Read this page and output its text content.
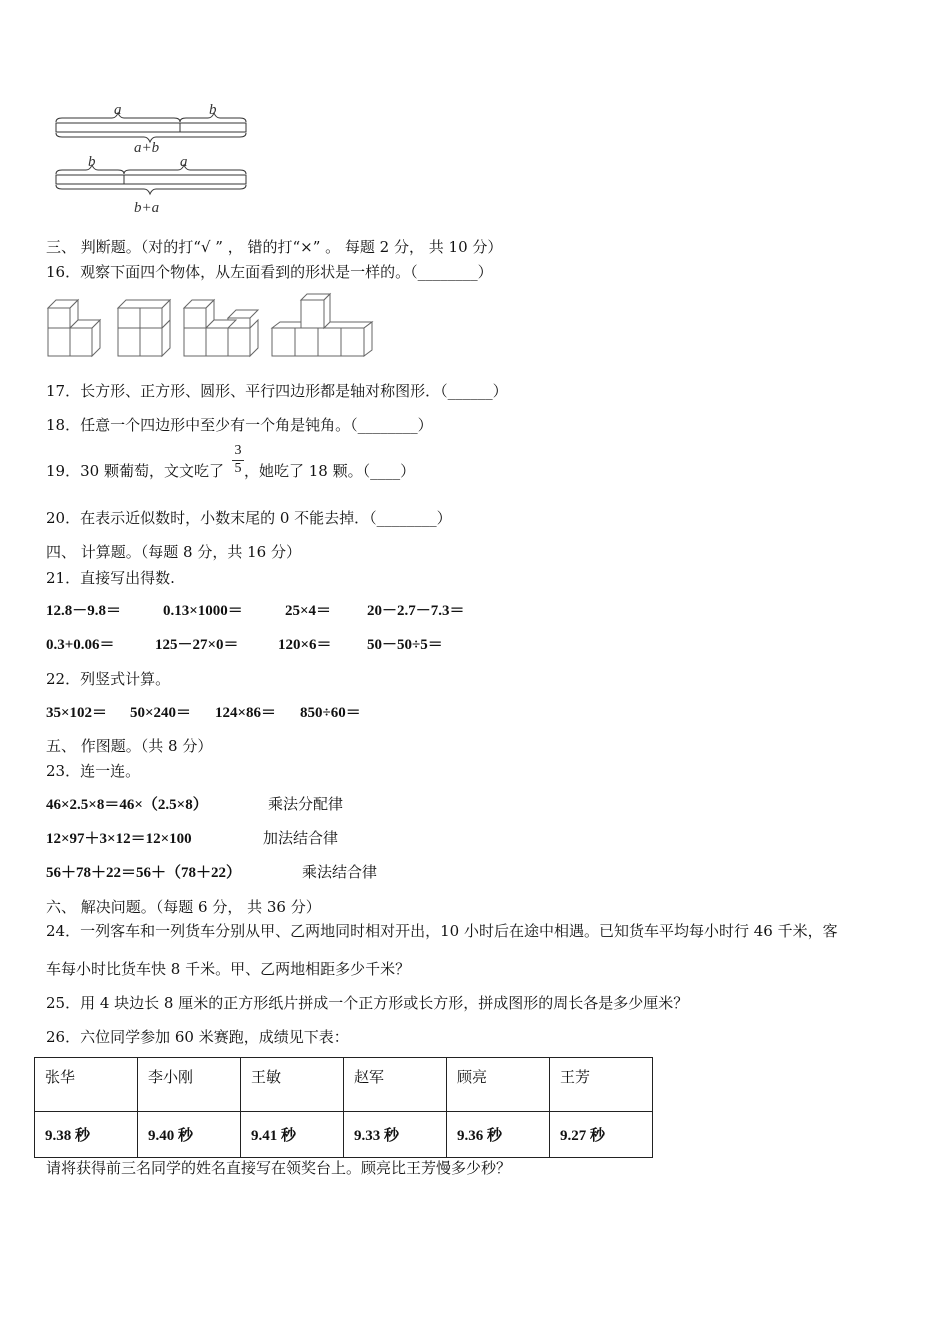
a	b
a+b
b	a
b+a
三、 判断题。（对的打“√ ” ， 错的打“×” 。 每题 2 分， 共 10 分）
16．观察下面四个物体，从左面看到的形状是一样的。（________）
17．长方形、正方形、圆形、平行四边形都是轴对称图形．（______）
18．任意一个四边形中至少有一个角是钝角。（________）
19．30 颗葡萄，文文吃了 ，她吃了 18 颗。（____）
3
5
20．在表示近似数时，小数末尾的 0 不能去掉．（________）
四、 计算题。（每题 8 分，共 16 分）
21．直接写出得数.
12.8－9.8＝	0.13×1000＝	25×4＝ 20－2.7－7.3＝
0.3+0.06＝	125－27×0＝	120×6＝ 50－50÷5＝
22．列竖式计算。
35×102＝ 50×240＝ 124×86＝ 850÷60＝
五、 作图题。（共 8 分）
23．连一连。
46×2.5×8＝46×（2.5×8）	乘法分配律
12×97＋3×12＝12×100	加法结合律
56＋78＋22＝56＋（78＋22）	乘法结合律
六、 解决问题。（每题 6 分， 共 36 分）
24．一列客车和一列货车分别从甲、乙两地同时相对开出，10 小时后在途中相遇。已知货车平均每小时行 46 千米，客
车每小时比货车快 8 千米。甲、乙两地相距多少千米？
25．用 4 块边长 8 厘米的正方形纸片拼成一个正方形或长方形，拼成图形的周长各是多少厘米？
26．六位同学参加 60 米赛跑，成绩见下表：
张华	李小刚	王敏	赵军	顾亮	王芳
9.38 秒	9.40 秒	9.41 秒	9.33 秒	9.36 秒	9.27 秒
请将获得前三名同学的姓名直接写在领奖台上。顾亮比王芳慢多少秒？
